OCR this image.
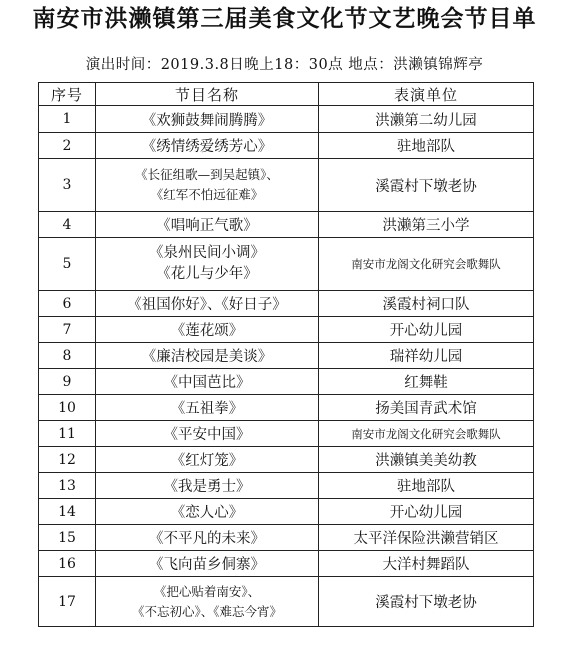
南安市洪濑镇第三届美食文化节文艺晚会节目单
演出时间：2019.3.8日晚上18：30点 地点：洪濑镇锦辉亭
序号	节目名称	表演单位
1	《欢狮鼓舞闹腾腾》	洪濑第二幼儿园
2	《绣情绣爱绣芳心》	驻地部队
3	《长征组歌—到吴起镇》、
《红军不怕远征难》	溪霞村下墩老协
4	《唱响正气歌》	洪濑第三小学
5	《泉州民间小调》
《花儿与少年》	南安市龙阁文化研究会歌舞队
6	《祖国你好》、《好日子》	溪霞村祠口队
7	《莲花颂》	开心幼儿园
8	《廉洁校园是美谈》	瑞祥幼儿园
9	《中国芭比》	红舞鞋
10	《五祖拳》	扬美国青武术馆
11	《平安中国》	南安市龙阁文化研究会歌舞队
12	《红灯笼》	洪濑镇美美幼教
13	《我是勇士》	驻地部队
14	《恋人心》	开心幼儿园
15	《不平凡的未来》	太平洋保险洪濑营销区
16	《飞向苗乡侗寨》	大洋村舞蹈队
17	《把心贴着南安》、
《不忘初心》、《难忘今宵》	溪霞村下墩老协
